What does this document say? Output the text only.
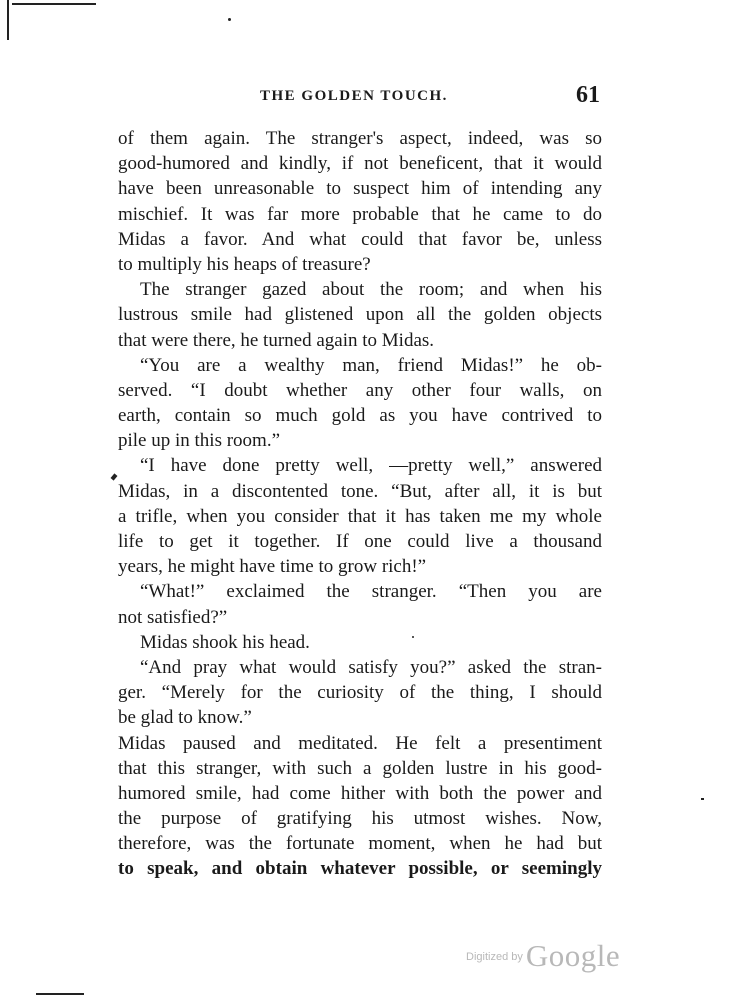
THE GOLDEN TOUCH.	61
of them again. The stranger's aspect, indeed, was so
good-humored and kindly, if not beneficent, that it would
have been unreasonable to suspect him of intending any
mischief. It was far more probable that he came to do
Midas a favor. And what could that favor be, unless
to multiply his heaps of treasure?
The stranger gazed about the room; and when his
lustrous smile had glistened upon all the golden objects
that were there, he turned again to Midas.
“You are a wealthy man, friend Midas!” he ob-
served. “I doubt whether any other four walls, on
earth, contain so much gold as you have contrived to
pile up in this room.”
“I have done pretty well, —pretty well,” answered
Midas, in a discontented tone. “But, after all, it is but
a trifle, when you consider that it has taken me my whole
life to get it together. If one could live a thousand
years, he might have time to grow rich!”
“What!” exclaimed the stranger. “Then you are
not satisfied?”
Midas shook his head.
“And pray what would satisfy you?” asked the stran-
ger. “Merely for the curiosity of the thing, I should
be glad to know.”
Midas paused and meditated. He felt a presentiment
that this stranger, with such a golden lustre in his good-
humored smile, had come hither with both the power and
the purpose of gratifying his utmost wishes. Now,
therefore, was the fortunate moment, when he had but
to speak, and obtain whatever possible, or seemingly
$^{Digitized by}$Google
